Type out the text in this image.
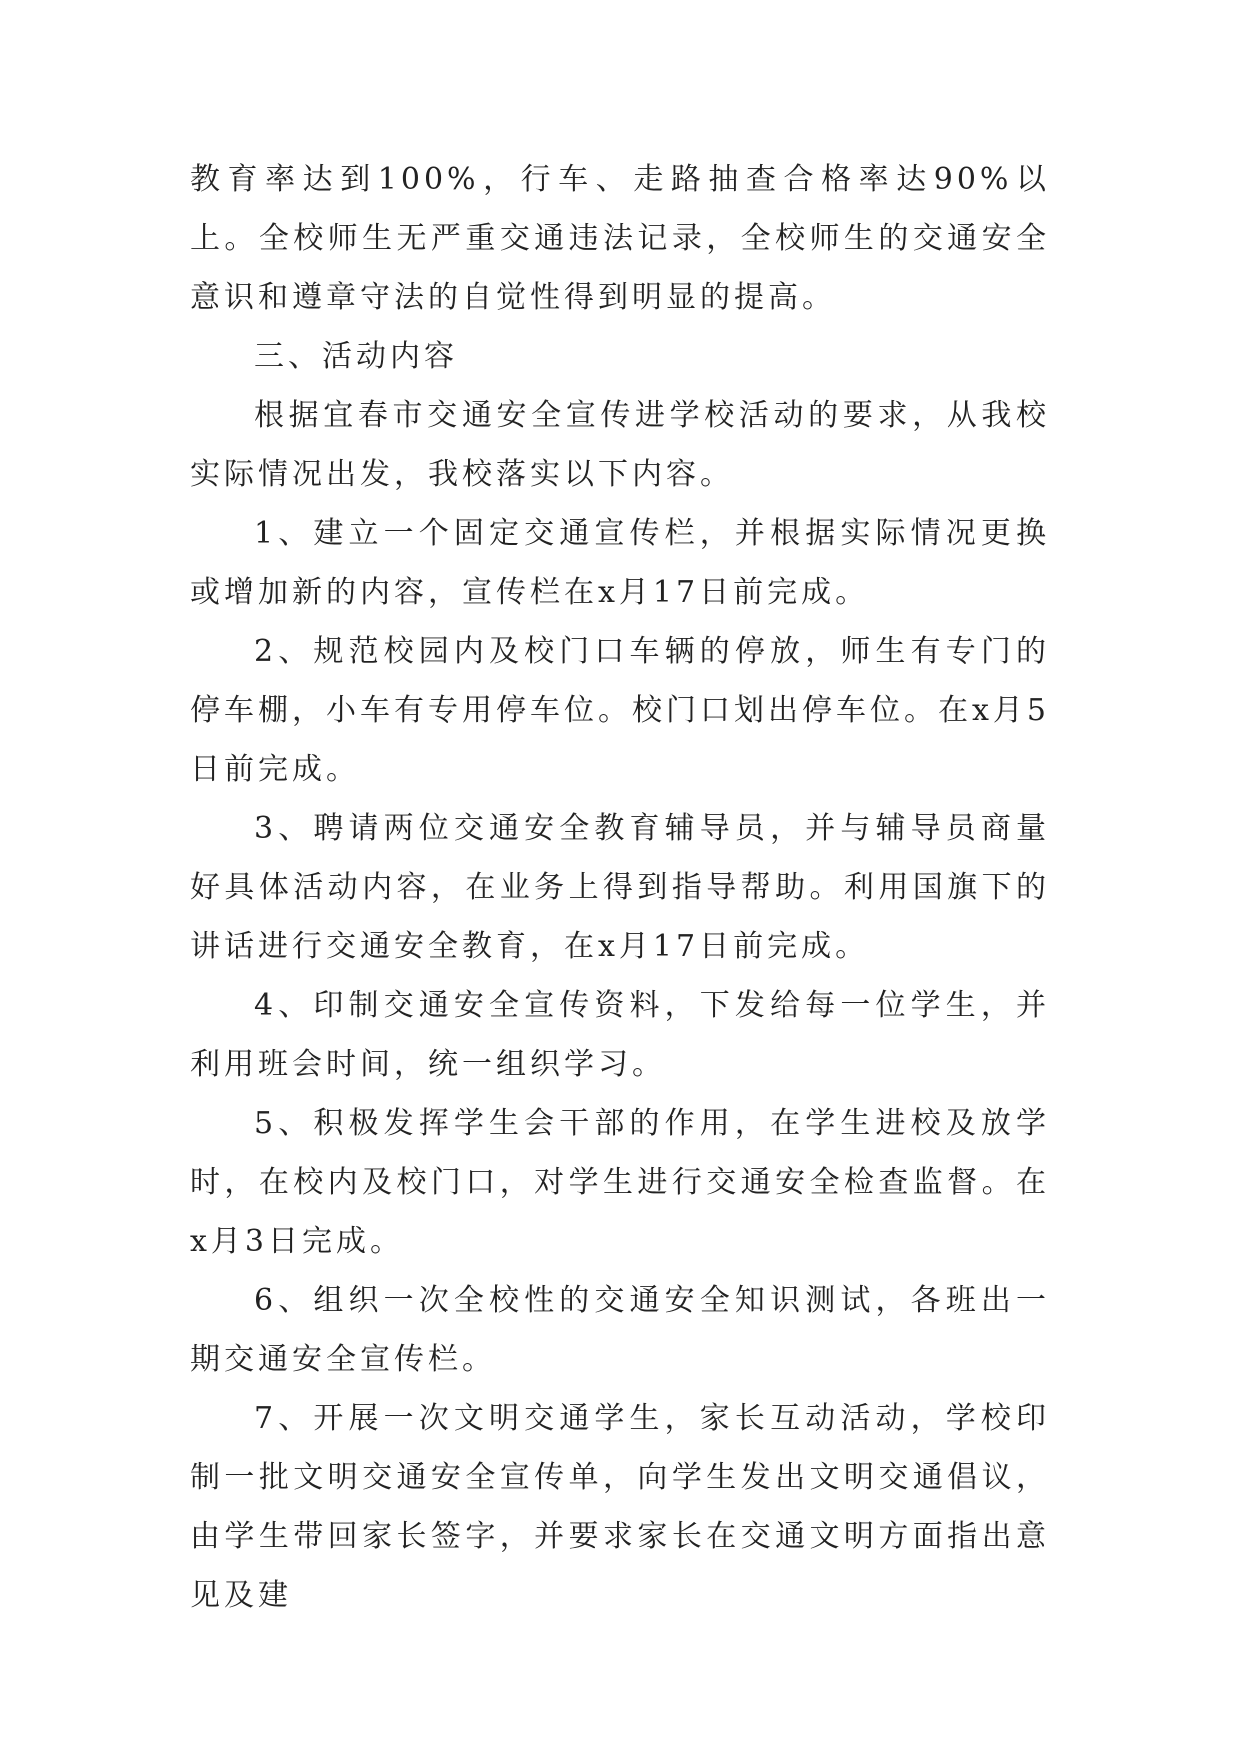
教育率达到100%，行车、走路抽查合格率达90%以上。全校师生无严重交通违法记录，全校师生的交通安全意识和遵章守法的自觉性得到明显的提高。

三、活动内容

根据宜春市交通安全宣传进学校活动的要求，从我校实际情况出发，我校落实以下内容。

1、建立一个固定交通宣传栏，并根据实际情况更换或增加新的内容，宣传栏在x月17日前完成。

2、规范校园内及校门口车辆的停放，师生有专门的停车棚，小车有专用停车位。校门口划出停车位。在x月5日前完成。

3、聘请两位交通安全教育辅导员，并与辅导员商量好具体活动内容，在业务上得到指导帮助。利用国旗下的讲话进行交通安全教育，在x月17日前完成。

4、印制交通安全宣传资料，下发给每一位学生，并利用班会时间，统一组织学习。

5、积极发挥学生会干部的作用，在学生进校及放学时，在校内及校门口，对学生进行交通安全检查监督。在x月3日完成。

6、组织一次全校性的交通安全知识测试，各班出一期交通安全宣传栏。

7、开展一次文明交通学生，家长互动活动，学校印制一批文明交通安全宣传单，向学生发出文明交通倡议，由学生带回家长签字，并要求家长在交通文明方面指出意见及建
